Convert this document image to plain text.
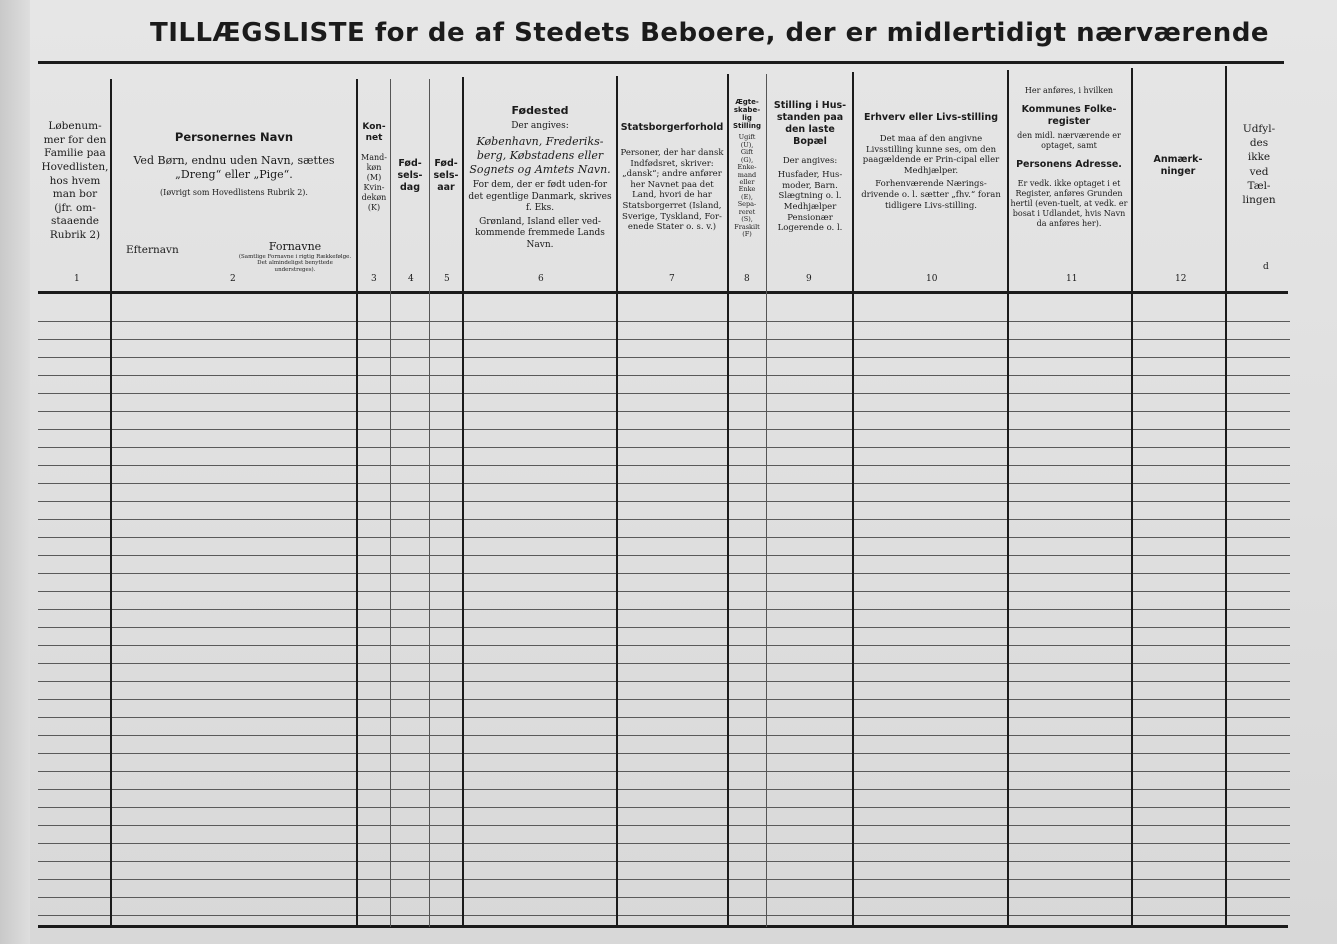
TILLÆGSLISTE for de af Stedets Beboere, der er midlertidigt nærværende
Løbenum-
mer for den
Familie paa
Hovedlisten,
hos hvem
man bor
(jfr. om-
staaende
Rubrik 2)
1
Personernes Navn
Ved Børn, endnu uden Navn, sættes „Dreng“ eller „Pige“.
(Iøvrigt som Hovedlistens Rubrik 2).
Efternavn	Fornavne
(Samtlige Fornavne i rigtig Rækkefølge. Det almindeligst benyttede understreges).
2
Kon-net
Mand-
køn
(M)
Kvin-
dekøn
(K)
3
Fød-sels-dag
4
Fød-sels-aar
5
Fødested
Der angives:
København, Frederiks-berg, Købstadens eller
Sognets og Amtets Navn.
For dem, der er født uden-for det egentlige Danmark, skrives f. Eks.
Grønland, Island eller ved-kommende fremmede Lands Navn.
6
Statsborgerforhold
Personer, der har dansk Indfødsret, skriver: „dansk“; andre anfører her Navnet paa det Land, hvori de har Statsborgerret (Island, Sverige, Tyskland, For-enede Stater o. s. v.)
7
Ægte-skabe-lig Stilling
Ugift
(U),
Gift
(G),
Enke-
mand
eller
Enke
(E),
Sepa-
reret
(S),
Fraskilt
(F)
8
Stilling i Hus-standen paa den laste Bopæl
Der angives:
Husfader, Hus-moder, Barn. Slægtning o. l. Medhjælper Pensionær Logerende o. l.
9
Erhverv eller Livs-stilling
Det maa af den angivne Livsstilling kunne ses, om den paagældende er Prin-cipal eller Medhjælper.
Forhenværende Nærings-drivende o. l. sætter „fhv.“ foran tidligere Livs-stilling.
10
Her anføres, i hvilken
Kommunes Folke-register
den midl. nærværende er optaget, samt
Personens Adresse.
Er vedk. ikke optaget i et Register, anføres Grunden hertil (even-tuelt, at vedk. er bosat i Udlandet, hvis Navn da anføres her).
11
Anmærk-ninger
12
Udfyl-
des
ikke
ved
Tæl-
lingen
d
